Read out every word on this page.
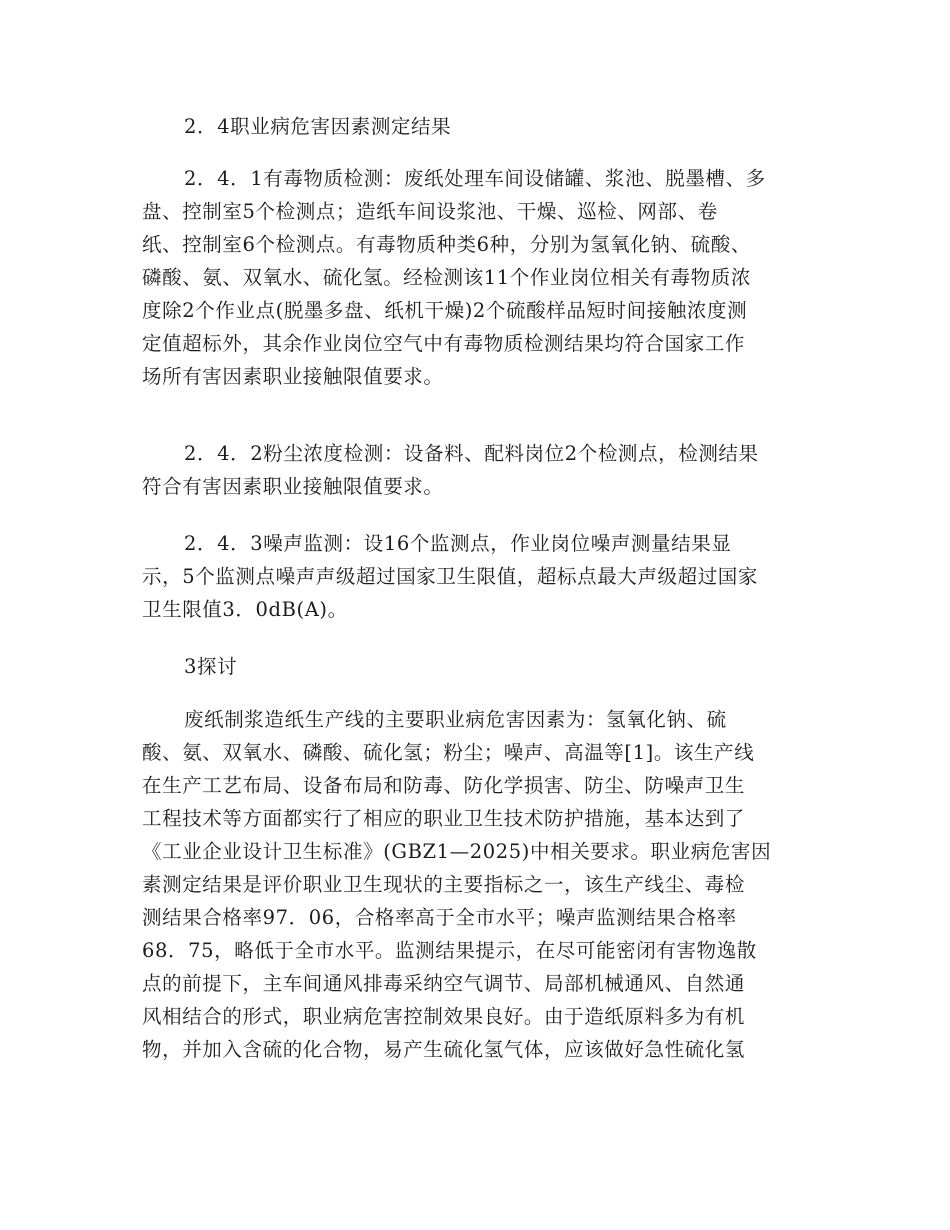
2．4职业病危害因素测定结果
2．4．1有毒物质检测：废纸处理车间设储罐、浆池、脱墨槽、多
盘、控制室5个检测点；造纸车间设浆池、干燥、巡检、网部、卷
纸、控制室6个检测点。有毒物质种类6种，分别为氢氧化钠、硫酸、
磷酸、氨、双氧水、硫化氢。经检测该11个作业岗位相关有毒物质浓
度除2个作业点(脱墨多盘、纸机干燥)2个硫酸样品短时间接触浓度测
定值超标外，其余作业岗位空气中有毒物质检测结果均符合国家工作
场所有害因素职业接触限值要求。
2．4．2粉尘浓度检测：设备料、配料岗位2个检测点，检测结果
符合有害因素职业接触限值要求。
2．4．3噪声监测：设16个监测点，作业岗位噪声测量结果显
示，5个监测点噪声声级超过国家卫生限值，超标点最大声级超过国家
卫生限值3．0dB(A)。
3探讨
废纸制浆造纸生产线的主要职业病危害因素为：氢氧化钠、硫
酸、氨、双氧水、磷酸、硫化氢；粉尘；噪声、高温等[1]。该生产线
在生产工艺布局、设备布局和防毒、防化学损害、防尘、防噪声卫生
工程技术等方面都实行了相应的职业卫生技术防护措施，基本达到了
《工业企业设计卫生标准》(GBZ1—2025)中相关要求。职业病危害因
素测定结果是评价职业卫生现状的主要指标之一，该生产线尘、毒检
测结果合格率97．06，合格率高于全市水平；噪声监测结果合格率
68．75，略低于全市水平。监测结果提示，在尽可能密闭有害物逸散
点的前提下，主车间通风排毒采纳空气调节、局部机械通风、自然通
风相结合的形式，职业病危害控制效果良好。由于造纸原料多为有机
物，并加入含硫的化合物，易产生硫化氢气体，应该做好急性硫化氢
